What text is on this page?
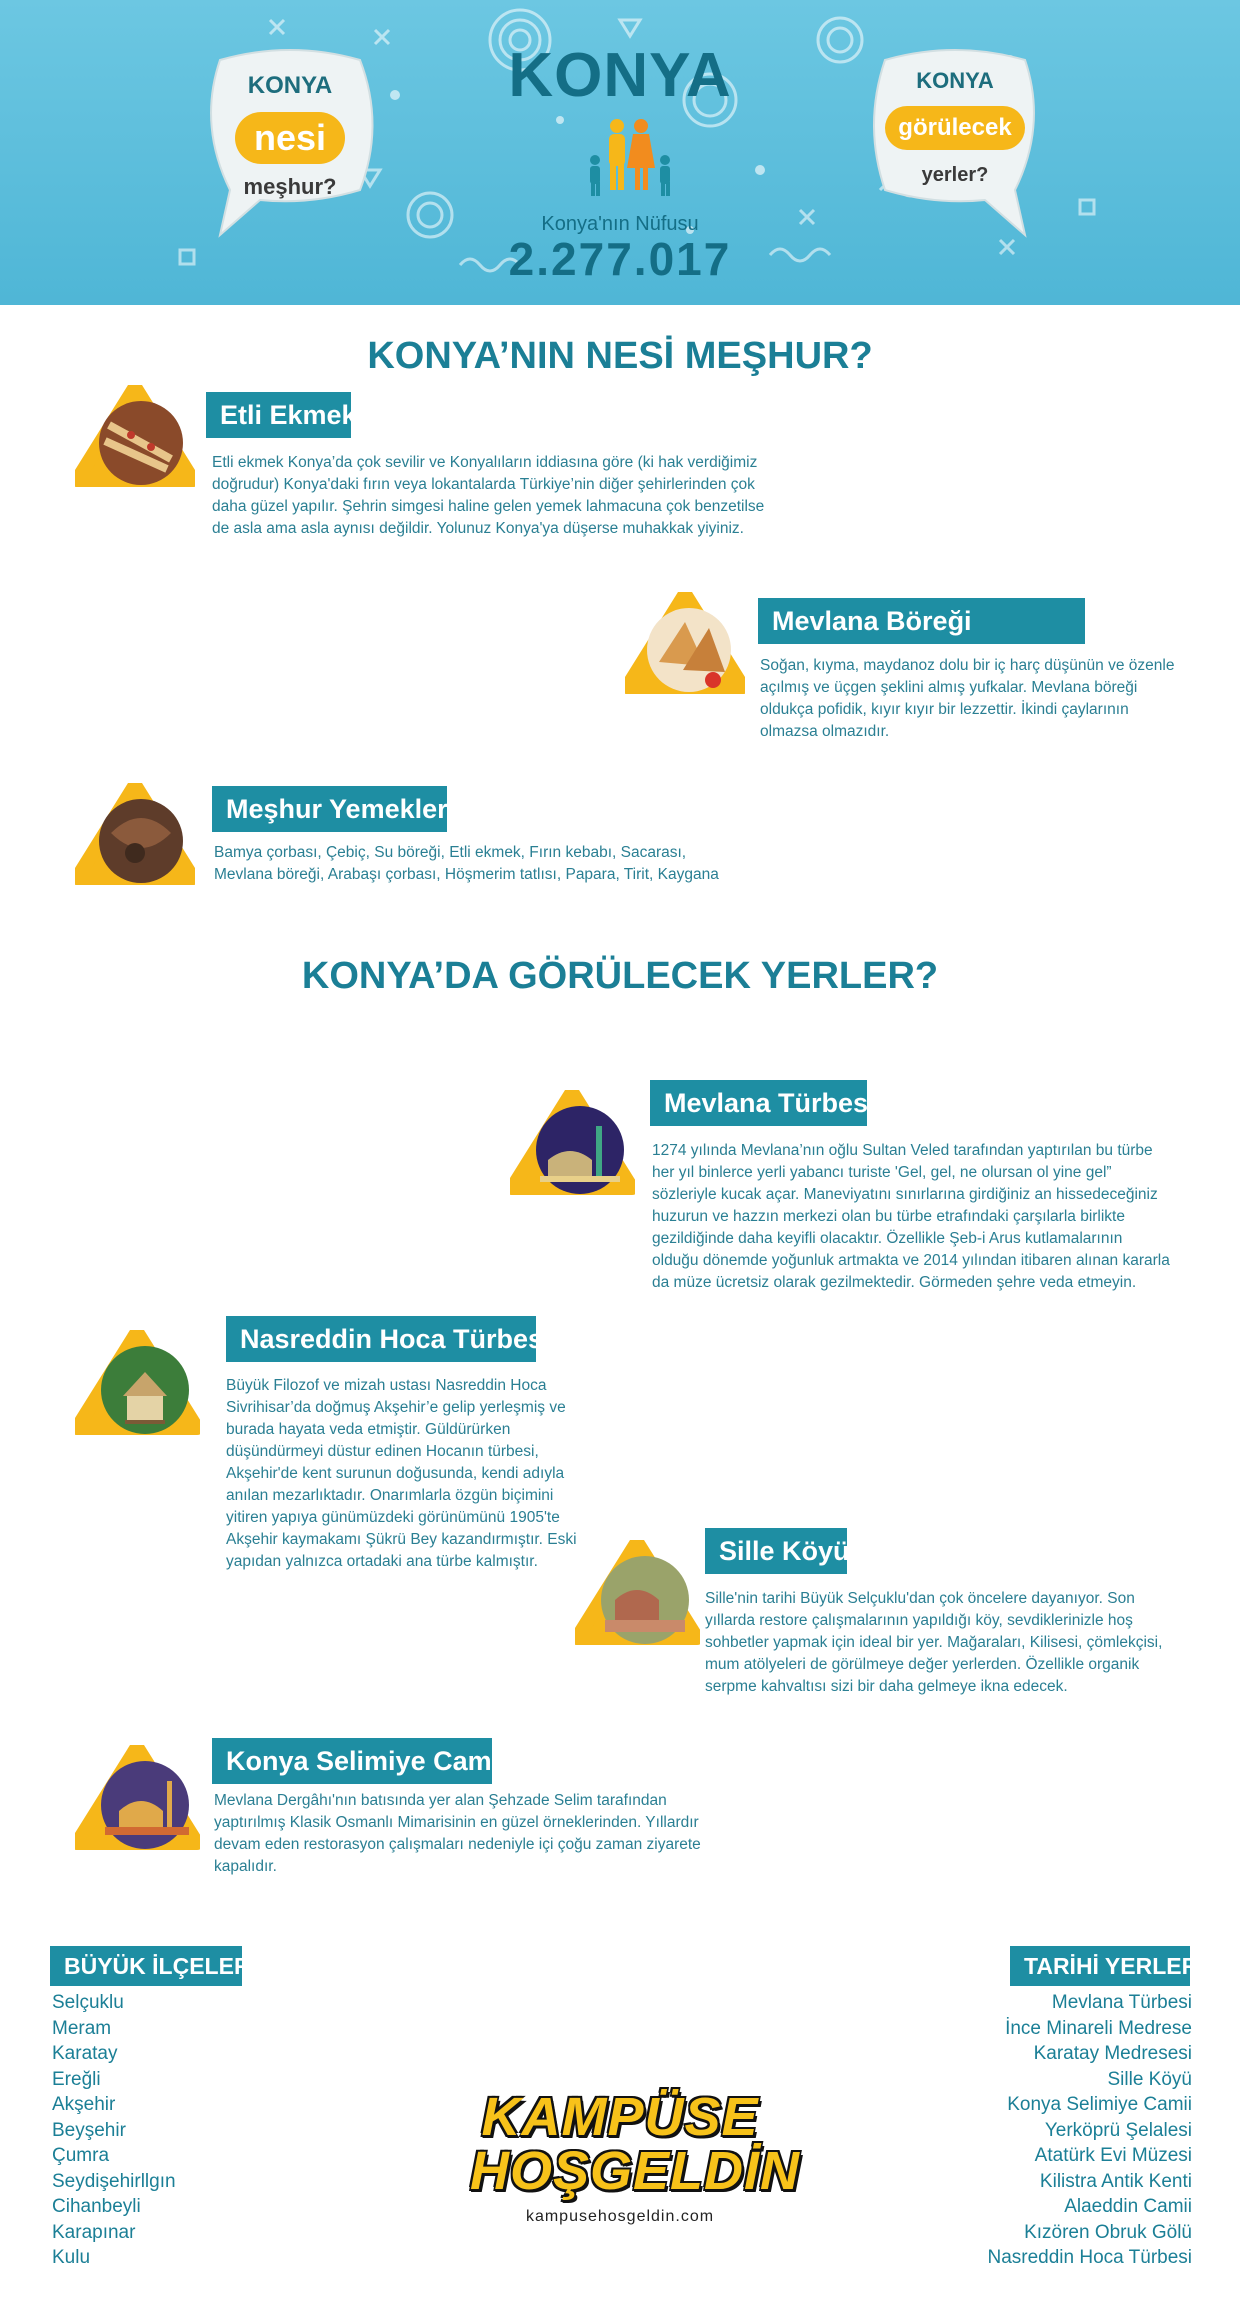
KONYA
nesi
meşhur?
KONYA
görülecek
yerler?
KONYA
Konya'nın Nüfusu
2.277.017
KONYA’NIN NESİ MEŞHUR?
Etli Ekmek

Etli ekmek Konya’da çok sevilir ve Konyalıların iddiasına göre (ki hak verdiğimiz doğrudur) Konya'daki fırın veya lokantalarda Türkiye’nin diğer şehirlerinden çok daha güzel yapılır. Şehrin simgesi haline gelen yemek lahmacuna çok benzetilse de asla ama asla aynısı değildir. Yolunuz Konya'ya düşerse muhakkak yiyiniz.

Mevlana Böreği

Soğan, kıyma, maydanoz dolu bir iç harç düşünün ve özenle açılmış ve üçgen şeklini almış yufkalar. Mevlana böreği oldukça pofidik, kıyır kıyır bir lezzettir. İkindi çaylarının olmazsa olmazıdır.

Meşhur Yemekleri

Bamya çorbası, Çebiç, Su böreği, Etli ekmek, Fırın kebabı, Sacarası, Mevlana böreği, Arabaşı çorbası, Höşmerim tatlısı, Papara, Tirit, Kaygana

KONYA’DA GÖRÜLECEK YERLER?
Mevlana Türbesi

1274 yılında Mevlana’nın oğlu Sultan Veled tarafından yaptırılan bu türbe her yıl binlerce yerli yabancı turiste 'Gel, gel, ne olursan ol yine gel” sözleriyle kucak açar. Maneviyatını sınırlarına girdiğiniz an hissedeceğiniz huzurun ve hazzın merkezi olan bu türbe etrafındaki çarşılarla birlikte gezildiğinde daha keyifli olacaktır. Özellikle Şeb-i Arus kutlamalarının olduğu dönemde yoğunluk artmakta ve 2014 yılından itibaren alınan kararla da müze ücretsiz olarak gezilmektedir. Görmeden şehre veda etmeyin.

Nasreddin Hoca Türbesi

Büyük Filozof ve mizah ustası Nasreddin Hoca Sivrihisar’da doğmuş Akşehir’e gelip yerleşmiş ve burada hayata veda etmiştir. Güldürürken düşündürmeyi düstur edinen Hocanın türbesi, Akşehir'de kent surunun doğusunda, kendi adıyla anılan mezarlıktadır. Onarımlarla özgün biçimini yitiren yapıya günümüzdeki görünümünü 1905'te Akşehir kaymakamı Şükrü Bey kazandırmıştır. Eski yapıdan yalnızca ortadaki ana türbe kalmıştır.	Sille Köyü

Sille'nin tarihi Büyük Selçuklu'dan çok öncelere dayanıyor. Son yıllarda restore çalışmalarının yapıldığı köy, sevdiklerinizle hoş sohbetler yapmak için ideal bir yer. Mağaraları, Kilisesi, çömlekçisi, mum atölyeleri de görülmeye değer yerlerden. Özellikle organik serpme kahvaltısı sizi bir daha gelmeye ikna edecek.

Konya Selimiye Camii

Mevlana Dergâhı'nın batısında yer alan Şehzade Selim tarafından yaptırılmış Klasik Osmanlı Mimarisinin en güzel örneklerinden. Yıllardır devam eden restorasyon çalışmaları nedeniyle içi çoğu zaman ziyarete kapalıdır.

BÜYÜK İLÇELERİ
Selçuklu
Meram
Karatay
Ereğli
Akşehir
Beyşehir
Çumra
Seydişehirllgın
Cihanbeyli
Karapınar
Kulu
KAMPÜSE
HOŞGELDİN
kampusehosgeldin.com
TARİHİ YERLER
Mevlana Türbesi
İnce Minareli Medrese
Karatay Medresesi
Sille Köyü
Konya Selimiye Camii
Yerköprü Şelalesi
Atatürk Evi Müzesi
Kilistra Antik Kenti
Alaeddin Camii
Kızören Obruk Gölü
Nasreddin Hoca Türbesi
